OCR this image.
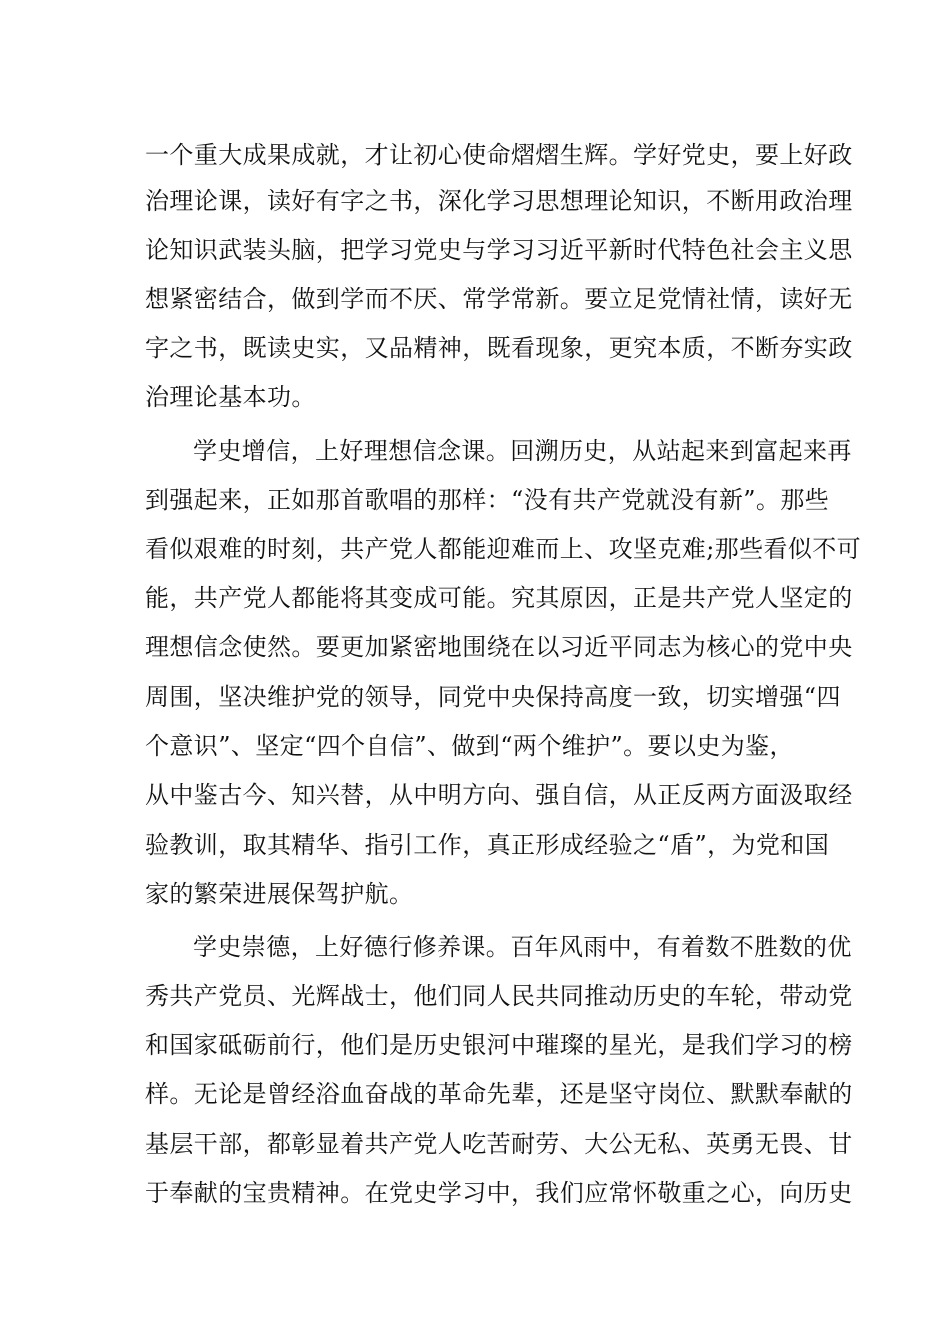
一个重大成果成就，才让初心使命熠熠生辉。学好党史，要上好政
治理论课，读好有字之书，深化学习思想理论知识，不断用政治理
论知识武装头脑，把学习党史与学习习近平新时代特色社会主义思
想紧密结合，做到学而不厌、常学常新。要立足党情社情，读好无
字之书，既读史实，又品精神，既看现象，更究本质，不断夯实政
治理论基本功。
学史增信，上好理想信念课。回溯历史，从站起来到富起来再
到强起来，正如那首歌唱的那样：“没有共产党就没有新”。那些
看似艰难的时刻，共产党人都能迎难而上、攻坚克难;那些看似不可
能，共产党人都能将其变成可能。究其原因，正是共产党人坚定的
理想信念使然。要更加紧密地围绕在以习近平同志为核心的党中央
周围，坚决维护党的领导，同党中央保持高度一致，切实增强“四
个意识”、坚定“四个自信”、做到“两个维护”。要以史为鉴，
从中鉴古今、知兴替，从中明方向、强自信，从正反两方面汲取经
验教训，取其精华、指引工作，真正形成经验之“盾”，为党和国
家的繁荣进展保驾护航。
学史崇德，上好德行修养课。百年风雨中，有着数不胜数的优
秀共产党员、光辉战士，他们同人民共同推动历史的车轮，带动党
和国家砥砺前行，他们是历史银河中璀璨的星光，是我们学习的榜
样。无论是曾经浴血奋战的革命先辈，还是坚守岗位、默默奉献的
基层干部，都彰显着共产党人吃苦耐劳、大公无私、英勇无畏、甘
于奉献的宝贵精神。在党史学习中，我们应常怀敬重之心，向历史
